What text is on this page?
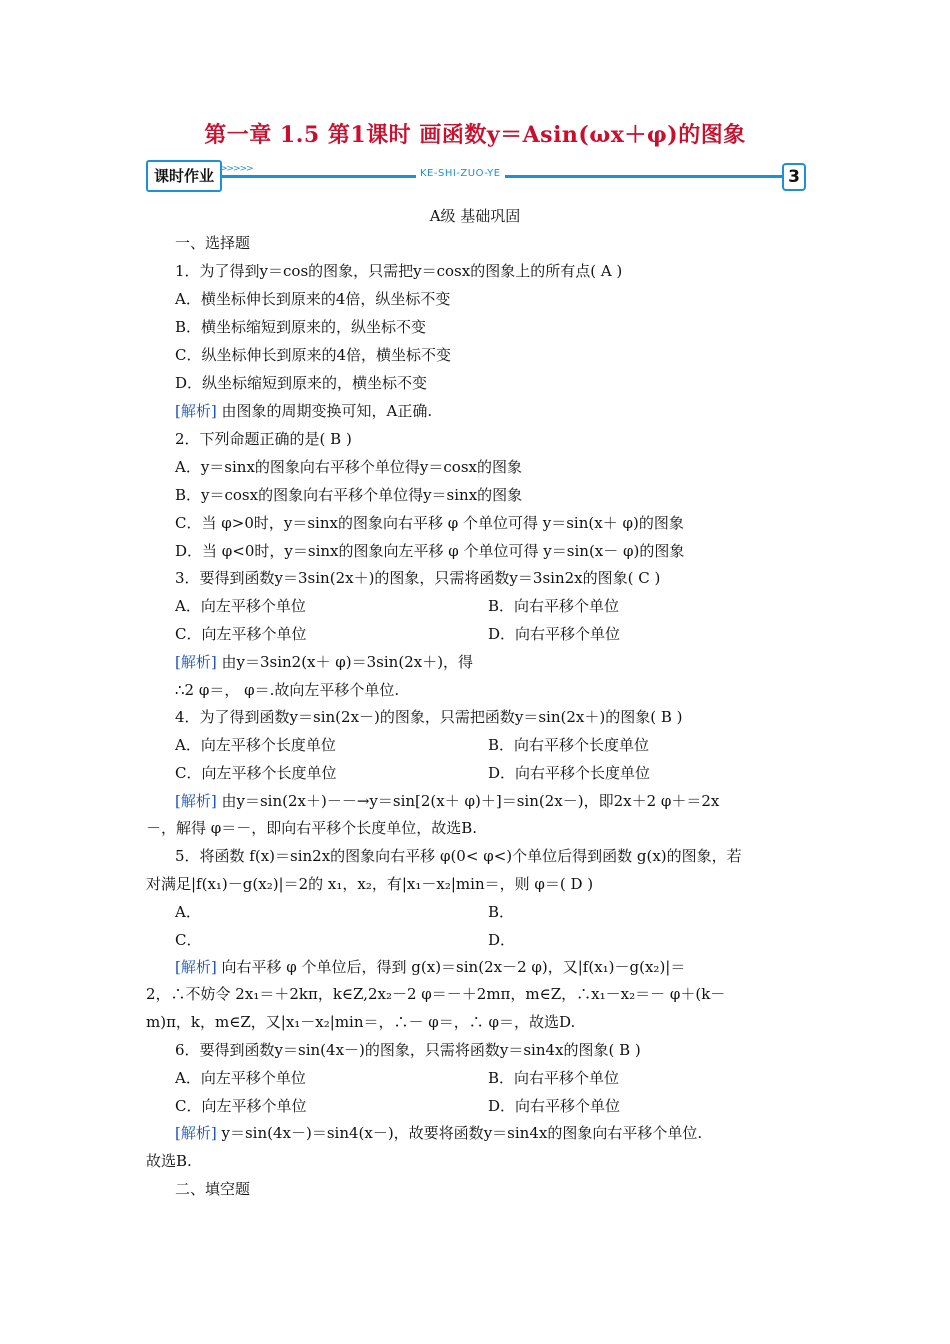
第一章 1.5 第1课时 画函数y＝Asin(ωx＋φ)的图象
课时作业 >>>>>	KE-SHI-ZUO-YE	3
A级 基础巩固
一、选择题
1．为了得到y＝cos的图象，只需把y＝cosx的图象上的所有点( A )
A．横坐标伸长到原来的4倍，纵坐标不变
B．横坐标缩短到原来的，纵坐标不变
C．纵坐标伸长到原来的4倍，横坐标不变
D．纵坐标缩短到原来的，横坐标不变
[解析] 由图象的周期变换可知，A正确.
2．下列命题正确的是( B )
A．y＝sinx的图象向右平移个单位得y＝cosx的图象
B．y＝cosx的图象向右平移个单位得y＝sinx的图象
C．当 φ>0时，y＝sinx的图象向右平移 φ 个单位可得 y＝sin(x＋ φ)的图象
D．当 φ<0时，y＝sinx的图象向左平移 φ 个单位可得 y＝sin(x－ φ)的图象
3．要得到函数y＝3sin(2x＋)的图象，只需将函数y＝3sin2x的图象( C )
A．向左平移个单位	B．向右平移个单位
C．向左平移个单位	D．向右平移个单位
[解析] 由y＝3sin2(x＋ φ)＝3sin(2x＋)，得
∴2 φ＝， φ＝.故向左平移个单位.
4．为了得到函数y＝sin(2x－)的图象，只需把函数y＝sin(2x＋)的图象( B )
A．向左平移个长度单位	B．向右平移个长度单位
C．向左平移个长度单位	D．向右平移个长度单位
[解析] 由y＝sin(2x＋)－－→y＝sin[2(x＋ φ)＋]＝sin(2x－)，即2x＋2 φ＋＝2x
－，解得 φ＝－，即向右平移个长度单位，故选B.
5．将函数 f(x)＝sin2x的图象向右平移 φ(0< φ<)个单位后得到函数 g(x)的图象，若
对满足|f(x₁)－g(x₂)|＝2的 x₁，x₂，有|x₁－x₂|min＝，则 φ＝( D )
A．	B．
C．	D．
[解析] 向右平移 φ 个单位后，得到 g(x)＝sin(2x－2 φ)，又|f(x₁)－g(x₂)|＝
2，∴不妨令 2x₁＝＋2kπ，k∈Z,2x₂－2 φ＝－＋2mπ，m∈Z，∴x₁－x₂＝－ φ＋(k－
m)π，k，m∈Z，又|x₁－x₂|min＝，∴－ φ＝，∴ φ＝，故选D.
6．要得到函数y＝sin(4x－)的图象，只需将函数y＝sin4x的图象( B )
A．向左平移个单位	B．向右平移个单位
C．向左平移个单位	D．向右平移个单位
[解析] y＝sin(4x－)＝sin4(x－)，故要将函数y＝sin4x的图象向右平移个单位.
故选B.
二、填空题
